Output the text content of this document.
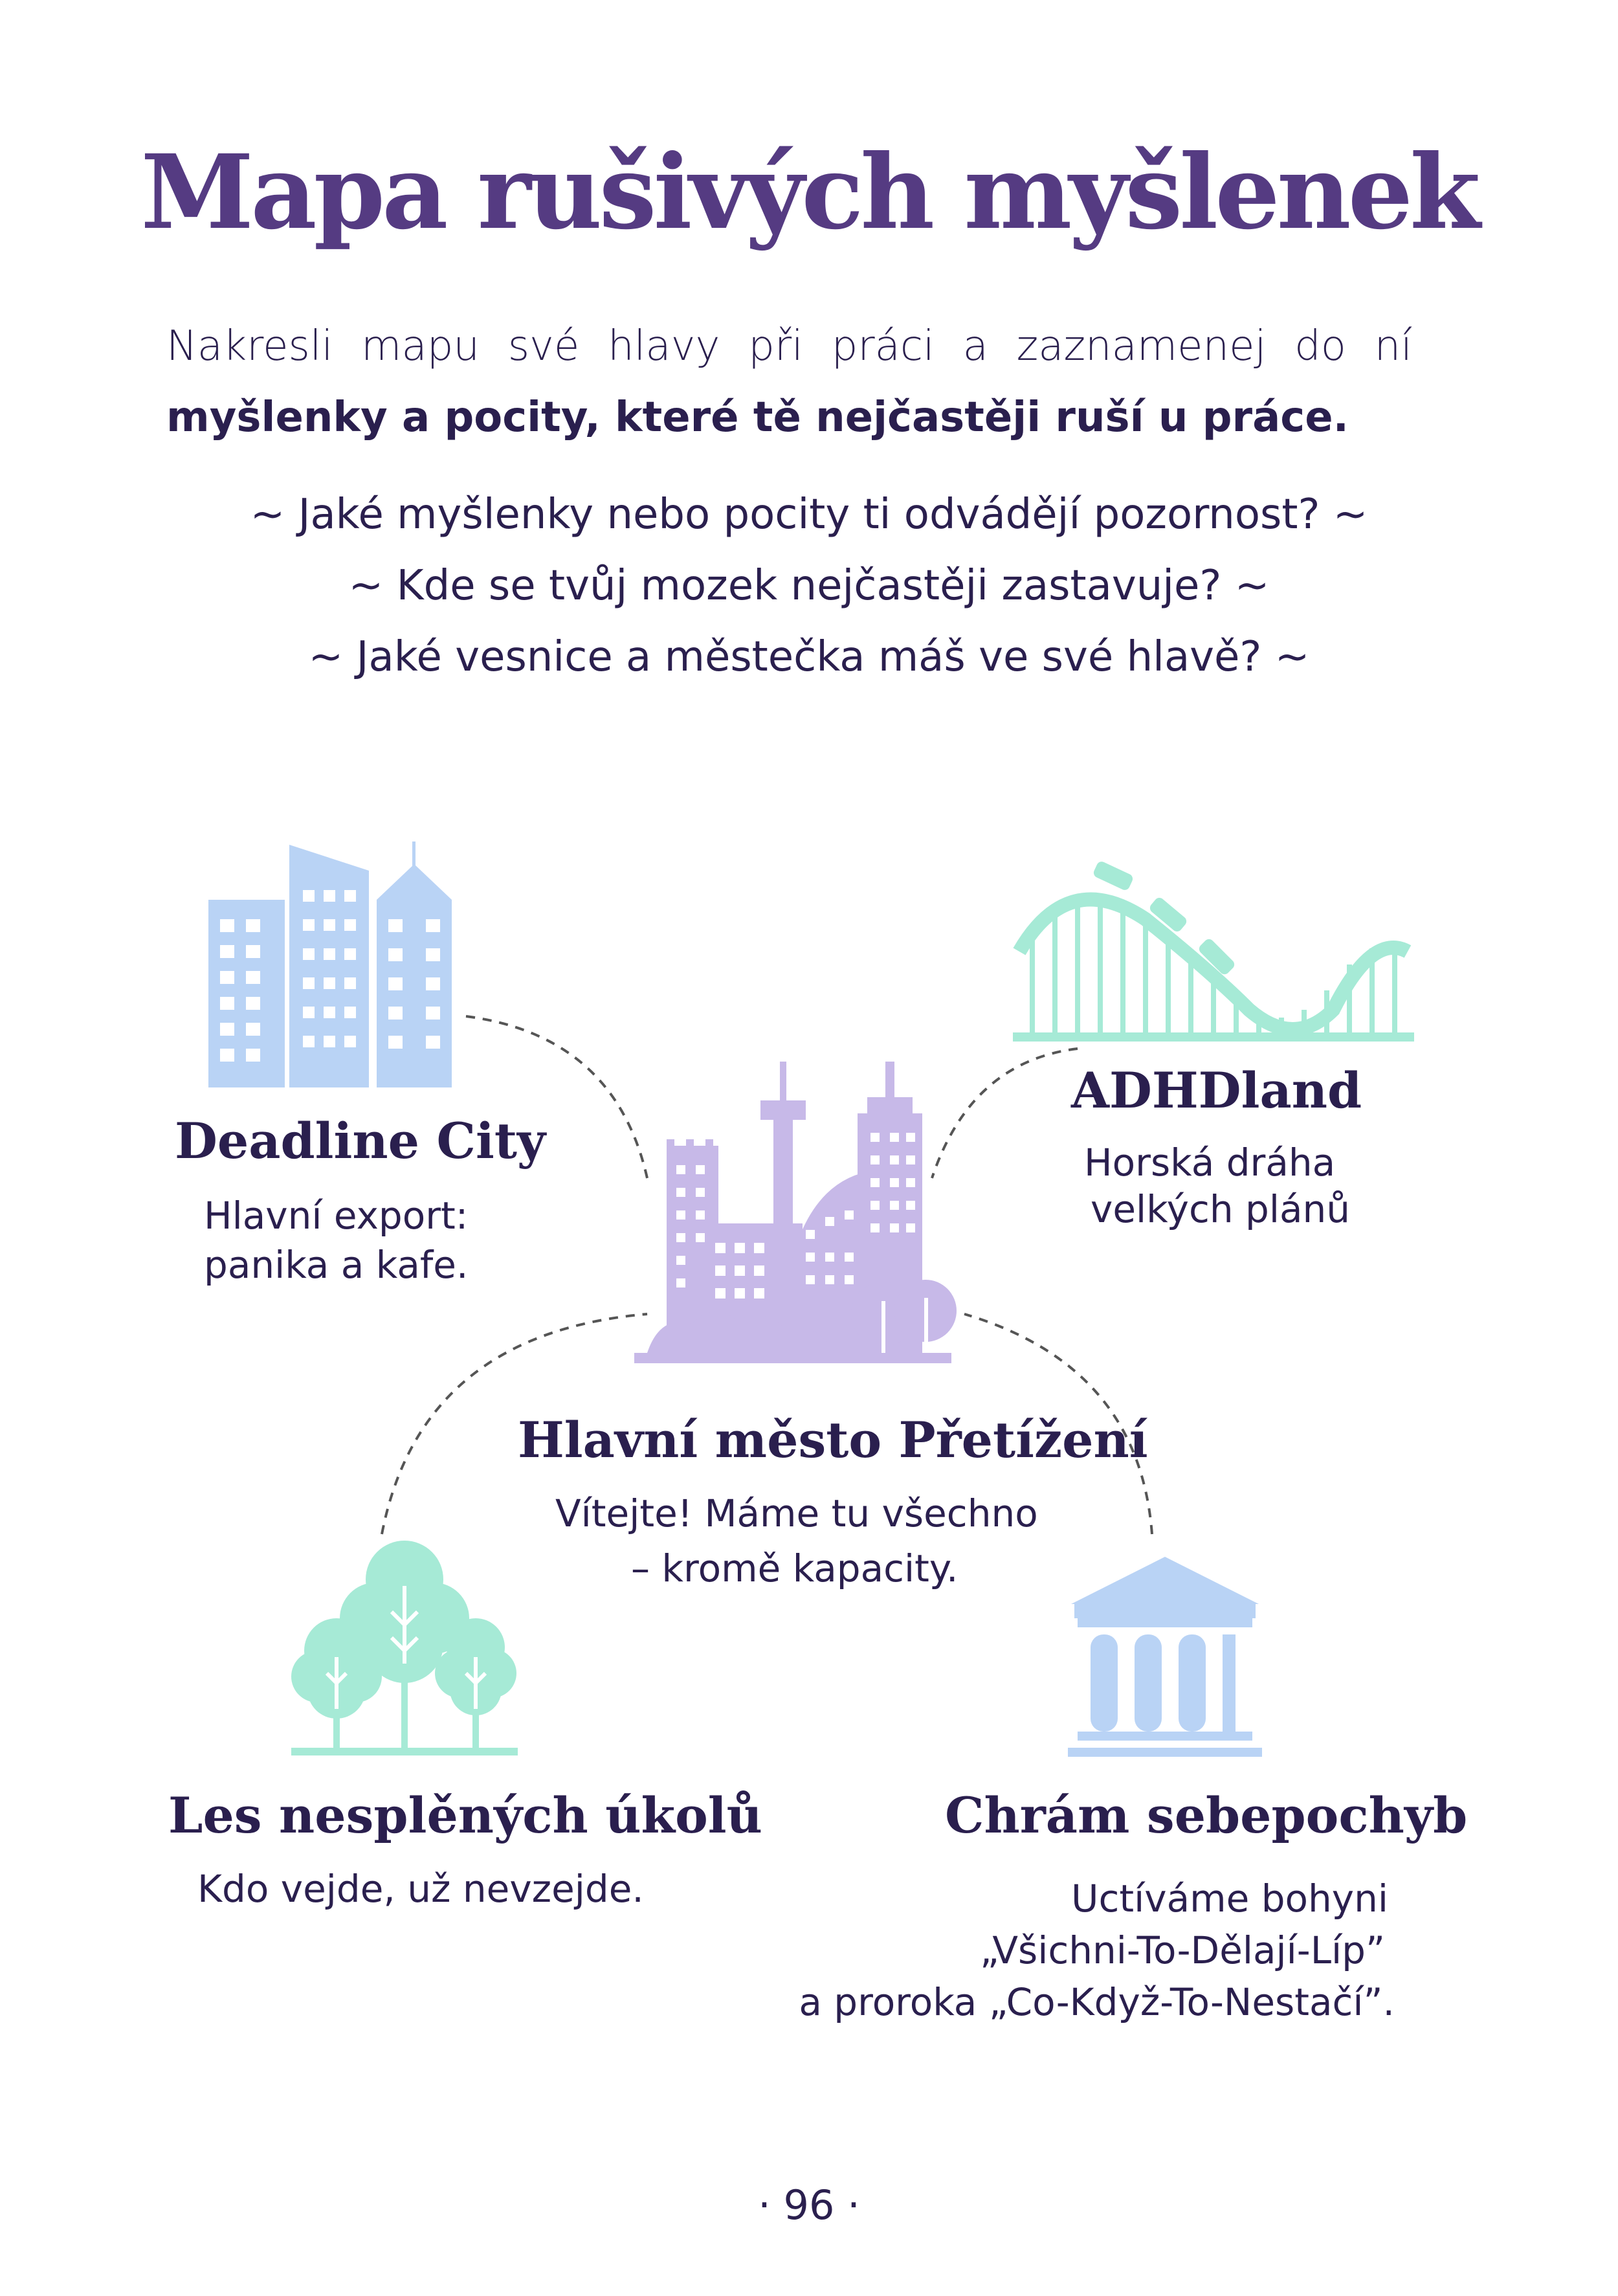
Mapa rušivých myšlenek
Nakresli mapu své hlavy při práci a zaznamenej do ní
myšlenky a pocity, které tě nejčastěji ruší u práce.
~ Jaké myšlenky nebo pocity ti odvádějí pozornost? ~
~ Kde se tvůj mozek nejčastěji zastavuje? ~
~ Jaké vesnice a městečka máš ve své hlavě? ~
Deadline City
Hlavní export:
panika a kafe.
ADHDland
Horská dráha
velkých plánů
Hlavní město Přetížení
Vítejte! Máme tu všechno
– kromě kapacity.
Les nesplěných úkolů
Kdo vejde, už nevzejde.
Chrám sebepochyb
Uctíváme bohyni
„Všichni-To-Dělají-Líp”
a proroka „Co-Když-To-Nestačí”.
· 96 ·
